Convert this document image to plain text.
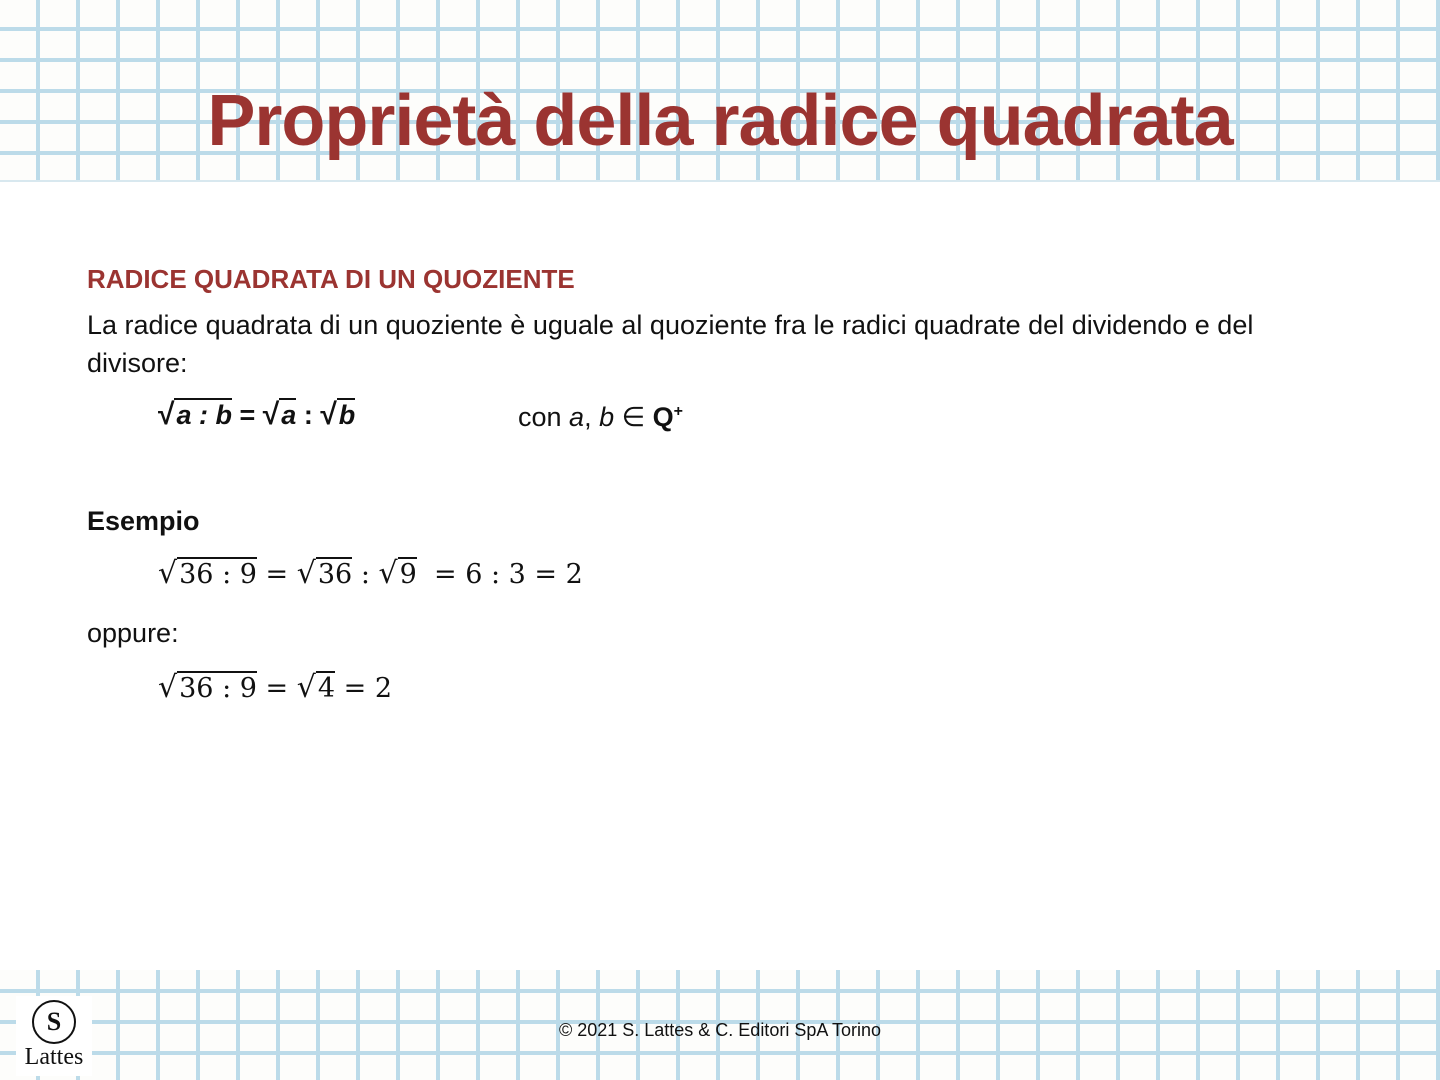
Proprietà della radice quadrata
RADICE QUADRATA DI UN QUOZIENTE
La radice quadrata di un quoziente è uguale al quoziente fra le radici quadrate del dividendo e del
divisore:
√a : b = √a : √b	con a, b ∈ Q+
Esempio
√36 : 9 = √36 : √9 = 6 : 3 = 2
oppure:
√36 : 9 = √4 = 2
S
Lattes
© 2021 S. Lattes & C. Editori SpA Torino
